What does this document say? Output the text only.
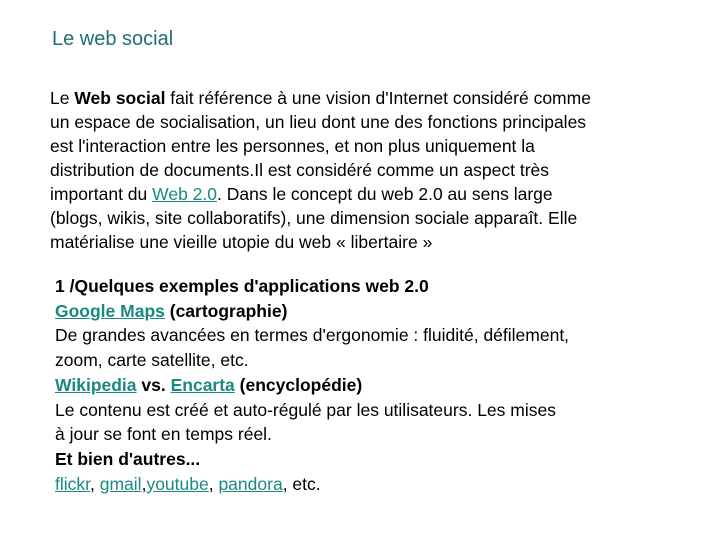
Le web social

Le Web social fait référence à une vision d'Internet considéré comme

un espace de socialisation, un lieu dont une des fonctions principales

est l'interaction entre les personnes, et non plus uniquement la

distribution de documents.Il est considéré comme un aspect très

important du Web 2.0. Dans le concept du web 2.0 au sens large

(blogs, wikis, site collaboratifs), une dimension sociale apparaît. Elle

matérialise une vieille utopie du web « libertaire »

1 /Quelques exemples d'applications web 2.0

Google Maps (cartographie)

De grandes avancées en termes d'ergonomie : fluidité, défilement,

zoom, carte satellite, etc.

Wikipedia vs. Encarta (encyclopédie)

Le contenu est créé et auto-régulé par les utilisateurs. Les mises

à jour se font en temps réel.

Et bien d'autres...

flickr, gmail,youtube, pandora, etc.
